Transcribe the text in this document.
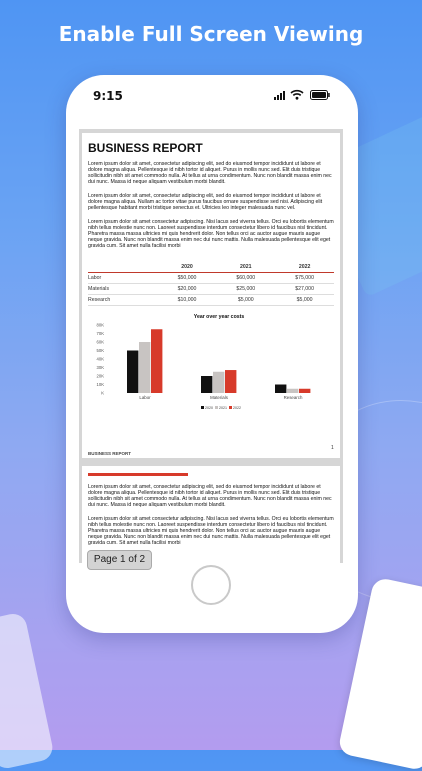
Enable Full Screen Viewing
9:15
BUSINESS REPORT
Lorem ipsum dolor sit amet, consectetur adipiscing elit, sed do eiusmod tempor incididunt ut labore et dolore magna aliqua. Pellentesque id nibh tortor id aliquet. Purus in mollis nunc sed. Elit duis tristique sollicitudin nibh sit amet commodo nulla. At tellus at urna condimentum. Nunc non blandit massa enim nec dui nunc. Massa id neque aliquam vestibulum morbi blandit.
Lorem ipsum dolor sit amet, consectetur adipiscing elit, sed do eiusmod tempor incididunt ut labore et dolore magna aliqua. Nullam ac tortor vitae purus faucibus ornare suspendisse sed nisi. Adipiscing elit pellentesque habitant morbi tristique senectus et. Ultricies leo integer malesuada nunc vel.
Lorem ipsum dolor sit amet consectetur adipiscing. Nisi lacus sed viverra tellus. Orci eu lobortis elementum nibh tellus molestie nunc non. Laoreet suspendisse interdum consectetur libero id faucibus nisl tincidunt. Pharetra massa massa ultricies mi quis hendrerit dolor. Non tellus orci ac auctor augue mauris augue neque gravida. Nunc non blandit massa enim nec dui nunc mattis. Nulla malesuada pellentesque elit eget gravida cum. Sit amet nulla facilisi morbi
	2020	2021	2022
Labor	$50,000	$60,000	$75,000
Materials	$20,000	$25,000	$27,000
Research	$10,000	$5,000	$5,000
Year over year costs
K
10K
20K
30K
40K
50K
60K
70K
80K
Labor	Materials	Research
2020 2021 2022
1
BUSINESS REPORT
Lorem ipsum dolor sit amet, consectetur adipiscing elit, sed do eiusmod tempor incididunt ut labore et dolore magna aliqua. Pellentesque id nibh tortor id aliquet. Purus in mollis nunc sed. Elit duis tristique sollicitudin nibh sit amet commodo nulla. At tellus at urna condimentum. Nunc non blandit massa enim nec dui nunc. Massa id neque aliquam vestibulum morbi blandit.
Lorem ipsum dolor sit amet consectetur adipiscing. Nisi lacus sed viverra tellus. Orci eu lobortis elementum nibh tellus molestie nunc non. Laoreet suspendisse interdum consectetur libero id faucibus nisl tincidunt. Pharetra massa massa ultricies mi quis hendrerit dolor. Non tellus orci ac auctor augue mauris augue neque gravida. Nunc non blandit massa enim nec dui nunc mattis. Nulla malesuada pellentesque elit eget gravida cum. Sit amet nulla facilisi morbi
Page 1 of 2
